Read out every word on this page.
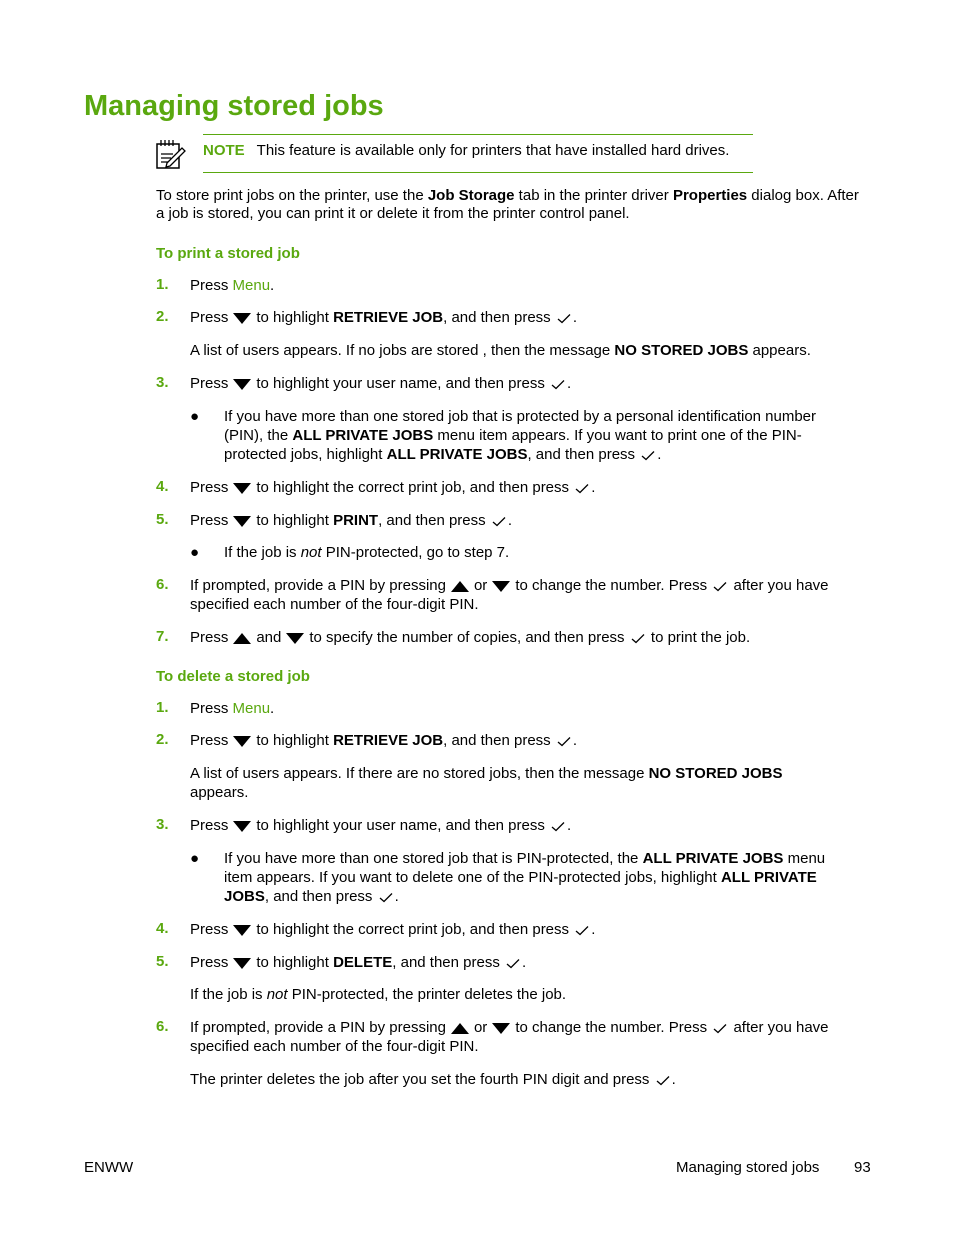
Managing stored jobs
NOTE This feature is available only for printers that have installed hard drives.
To store print jobs on the printer, use the Job Storage tab in the printer driver Properties dialog box. After a job is stored, you can print it or delete it from the printer control panel.
To print a stored job
1. Press Menu.
2. Press to highlight RETRIEVE JOB, and then press .
A list of users appears. If no jobs are stored , then the message NO STORED JOBS appears.
3. Press to highlight your user name, and then press .
● If you have more than one stored job that is protected by a personal identification number (PIN), the ALL PRIVATE JOBS menu item appears. If you want to print one of the PIN-protected jobs, highlight ALL PRIVATE JOBS, and then press .
4. Press to highlight the correct print job, and then press .
5. Press to highlight PRINT, and then press .
● If the job is not PIN-protected, go to step 7.
6. If prompted, provide a PIN by pressing or to change the number. Press after you have specified each number of the four-digit PIN.
7. Press and to specify the number of copies, and then press to print the job.
To delete a stored job
1. Press Menu.
2. Press to highlight RETRIEVE JOB, and then press .
A list of users appears. If there are no stored jobs, then the message NO STORED JOBS appears.
3. Press to highlight your user name, and then press .
● If you have more than one stored job that is PIN-protected, the ALL PRIVATE JOBS menu item appears. If you want to delete one of the PIN-protected jobs, highlight ALL PRIVATE JOBS, and then press .
4. Press to highlight the correct print job, and then press .
5. Press to highlight DELETE, and then press .
If the job is not PIN-protected, the printer deletes the job.
6. If prompted, provide a PIN by pressing or to change the number. Press after you have specified each number of the four-digit PIN.
The printer deletes the job after you set the fourth PIN digit and press .
ENWW	Managing stored jobs 93
